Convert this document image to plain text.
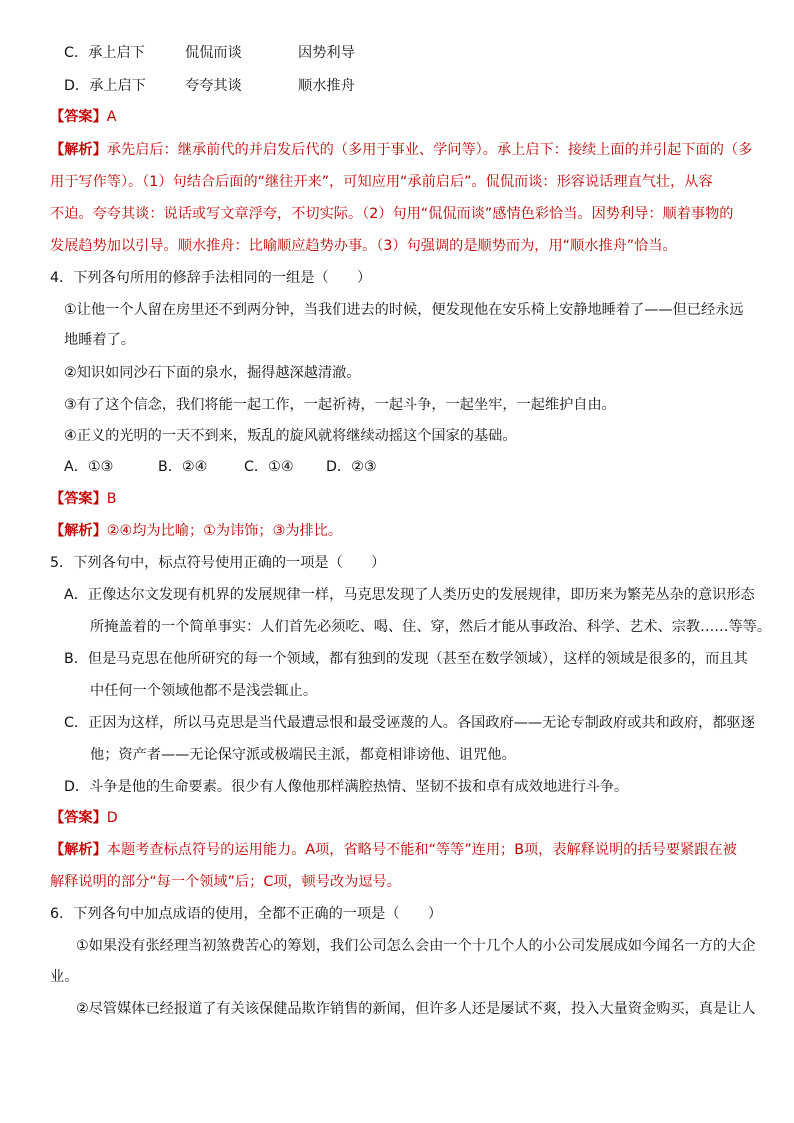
C．承上启下	侃侃而谈	因势利导
D．承上启下	夸夸其谈	顺水推舟
【答案】A
【解析】承先启后：继承前代的并启发后代的（多用于事业、学问等）。承上启下：接续上面的并引起下面的（多
用于写作等）。（1）句结合后面的“继往开来”，可知应用“承前启后”。侃侃而谈：形容说话理直气壮，从容
不迫。夸夸其谈：说话或写文章浮夸，不切实际。（2）句用“侃侃而谈”感情色彩恰当。因势利导：顺着事物的
发展趋势加以引导。顺水推舟：比喻顺应趋势办事。（3）句强调的是顺势而为，用“顺水推舟”恰当。
4．下列各句所用的修辞手法相同的一组是（　　）
①让他一个人留在房里还不到两分钟，当我们进去的时候，便发现他在安乐椅上安静地睡着了——但已经永远
地睡着了。
②知识如同沙石下面的泉水，掘得越深越清澈。
③有了这个信念，我们将能一起工作，一起祈祷，一起斗争，一起坐牢，一起维护自由。
④正义的光明的一天不到来，叛乱的旋风就将继续动摇这个国家的基础。
A．①③	B．②④	C．①④ D．②③
【答案】B
【解析】②④均为比喻；①为讳饰；③为排比。
5．下列各句中，标点符号使用正确的一项是（　　）
A．正像达尔文发现有机界的发展规律一样，马克思发现了人类历史的发展规律，即历来为繁芜丛杂的意识形态
所掩盖着的一个简单事实：人们首先必须吃、喝、住、穿，然后才能从事政治、科学、艺术、宗教……等等。
B．但是马克思在他所研究的每一个领域，都有独到的发现（甚至在数学领域），这样的领域是很多的，而且其
中任何一个领域他都不是浅尝辄止。
C．正因为这样，所以马克思是当代最遭忌恨和最受诬蔑的人。各国政府——无论专制政府或共和政府，都驱逐
他；资产者——无论保守派或极端民主派，都竟相诽谤他、诅咒他。
D．斗争是他的生命要素。很少有人像他那样满腔热情、坚韧不拔和卓有成效地进行斗争。
【答案】D
【解析】本题考查标点符号的运用能力。A项，省略号不能和“等等”连用；B项，表解释说明的括号要紧跟在被
解释说明的部分“每一个领域”后；C项，顿号改为逗号。
6．下列各句中加点成语的使用，全都不正确的一项是（　　）
①如果没有张经理当初煞费苦心的筹划，我们公司怎么会由一个十几个人的小公司发展成如今闻名一方的大企
业。
②尽管媒体已经报道了有关该保健品欺诈销售的新闻，但许多人还是屡试不爽，投入大量资金购买，真是让人
